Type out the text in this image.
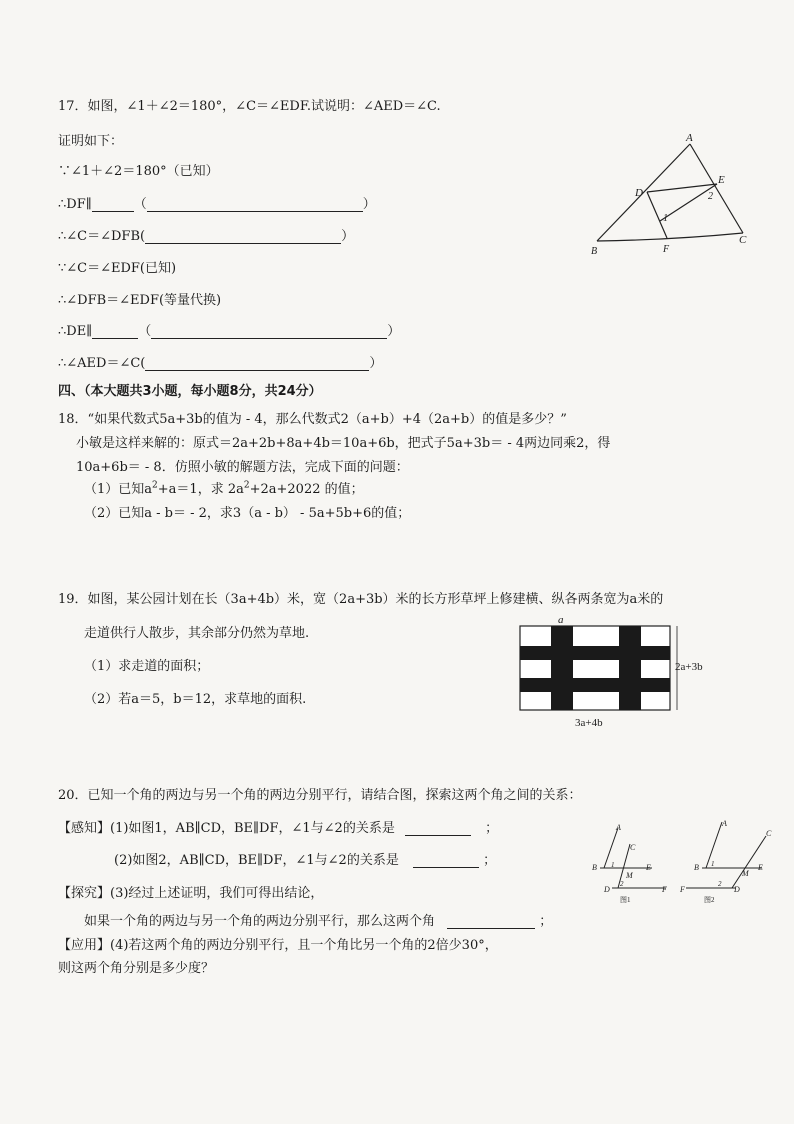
17．如图，∠1＋∠2＝180°，∠C＝∠EDF.试说明：∠AED＝∠C.
证明如下：
∵∠1＋∠2＝180°（已知）
∴DF∥	（	）
∴∠C＝∠DFB(	）
∵∠C＝∠EDF(已知)
∴∠DFB＝∠EDF(等量代换)
∴DE∥	（	）
∴∠AED＝∠C(	）
A
D
E
2
1
B	F
C
四、（本大题共3小题，每小题8分，共24分）
18．“如果代数式5a+3b的值为 - 4，那么代数式2（a+b）+4（2a+b）的值是多少？”
小敏是这样来解的：原式＝2a+2b+8a+4b＝10a+6b，把式子5a+3b＝ - 4两边同乘2，得
10a+6b＝ - 8．仿照小敏的解题方法，完成下面的问题：
（1）已知$a^2+a=1$，求 $2a^2+2a+2022$ 的值；
（2）已知a - b＝ - 2，求3（a - b） - 5a+5b+6的值；
19．如图，某公园计划在长（3a+4b）米，宽（2a+3b）米的长方形草坪上修建横、纵各两条宽为a米的
走道供行人散步，其余部分仍然为草地.
（1）求走道的面积；
（2）若a＝5，b＝12，求草地的面积.
a
2a+3b
3a+4b
20．已知一个角的两边与另一个角的两边分别平行，请结合图，探索这两个角之间的关系：
【感知】(1)如图1，AB∥CD，BE∥DF，∠1与∠2的关系是	；
(2)如图2，AB∥CD，BE∥DF，∠1与∠2的关系是	；
【探究】(3)经过上述证明，我们可得出结论，
如果一个角的两边与另一个角的两边分别平行，那么这两个角	；
【应用】(4)若这两个角的两边分别平行，且一个角比另一个角的2倍少30°，
则这两个角分别是多少度？
A
C
B 1	E
M
D
2
F
图1
A
C
B 1	E
M
F
2
D
图2
